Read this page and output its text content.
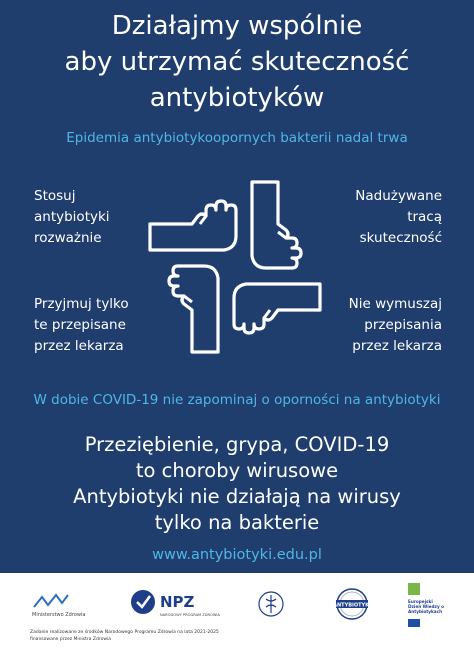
Działajmy wspólnie
aby utrzymać skuteczność
antybiotyków
Epidemia antybiotykoopornych bakterii nadal trwa
Stosuj
antybiotyki
rozważnie
Nadużywane
tracą
skuteczność
Przyjmuj tylko
te przepisane
przez lekarza
Nie wymuszaj
przepisania
przez lekarza
W dobie COVID-19 nie zapominaj o oporności na antybiotyki
Przeziębienie, grypa, COVID-19
to choroby wirusowe
Antybiotyki nie działają na wirusy
tylko na bakterie
www.antybiotyki.edu.pl
Ministerstwo Zdrowia
NPZ
NARODOWY PROGRAM ZDROWIA
ANTYBIOTYKI
Europejski
Dzień Wiedzy o
Antybiotykach
Zadanie realizowane ze środków Narodowego Programu Zdrowia na lata 2021-2025
finansowane przez Ministra Zdrowia
